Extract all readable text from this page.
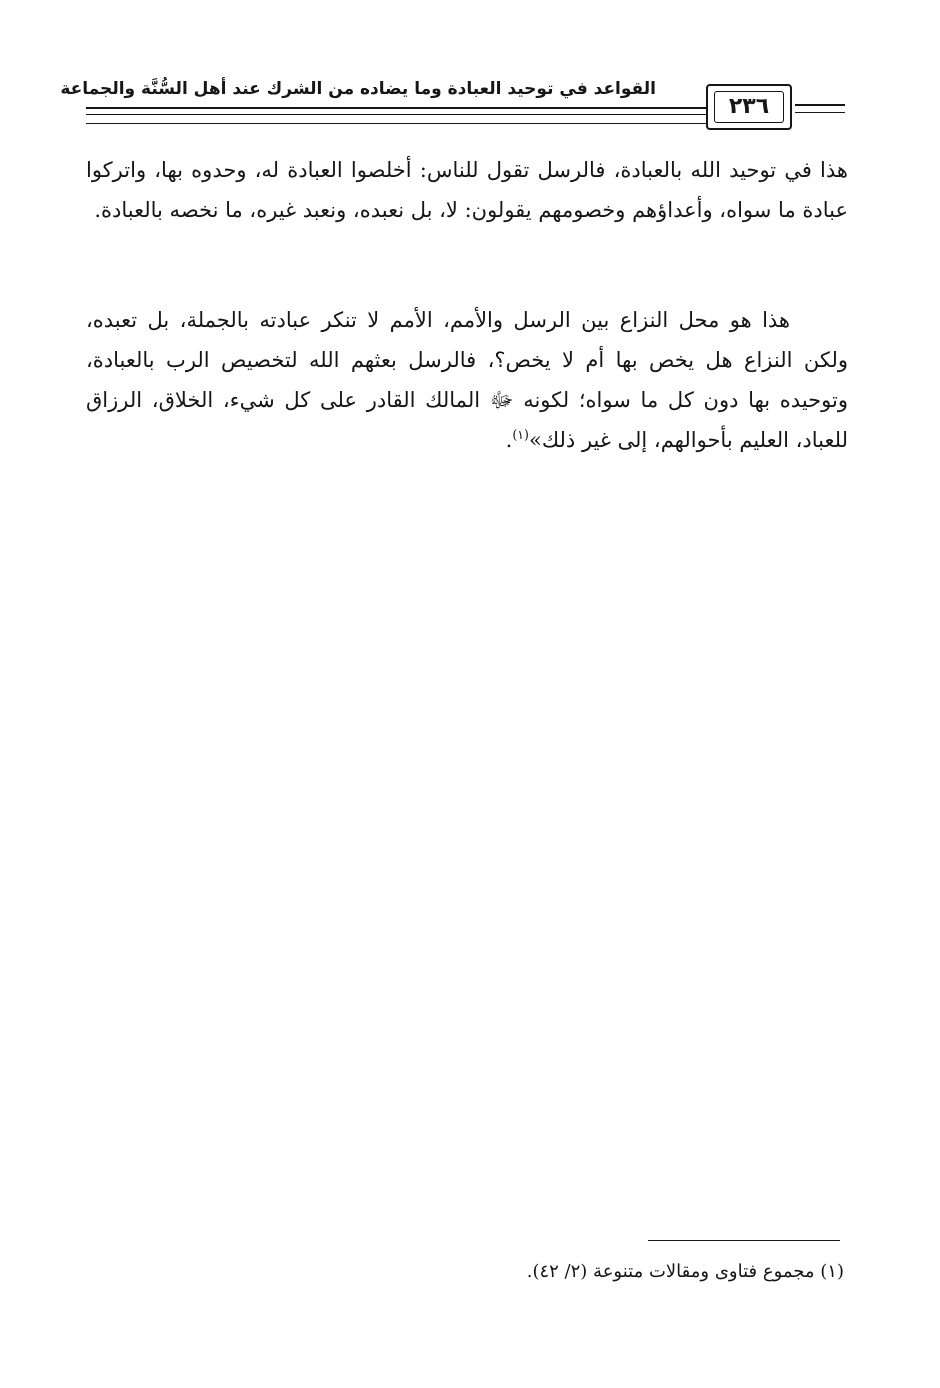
القواعد في توحيد العبادة وما يضاده من الشرك عند أهل السُّنَّة والجماعة
٢٣٦

هذا في توحيد الله بالعبادة، فالرسل تقول للناس: أخلصوا العبادة له، وحدوه بها، واتركوا عبادة ما سواه، وأعداؤهم وخصومهم يقولون: لا، بل نعبده، ونعبد غيره، ما نخصه بالعبادة.

هذا هو محل النزاع بين الرسل والأمم، الأمم لا تنكر عبادته بالجملة، بل تعبده، ولكن النزاع هل يخص بها أم لا يخص؟، فالرسل بعثهم الله لتخصيص الرب بالعبادة، وتوحيده بها دون كل ما سواه؛ لكونه ﷻ المالك القادر على كل شيء، الخلاق، الرزاق للعباد، العليم بأحوالهم، إلى غير ذلك»$^{(١)}$.

(١) مجموع فتاوى ومقالات متنوعة (٢/ ٤٢).
